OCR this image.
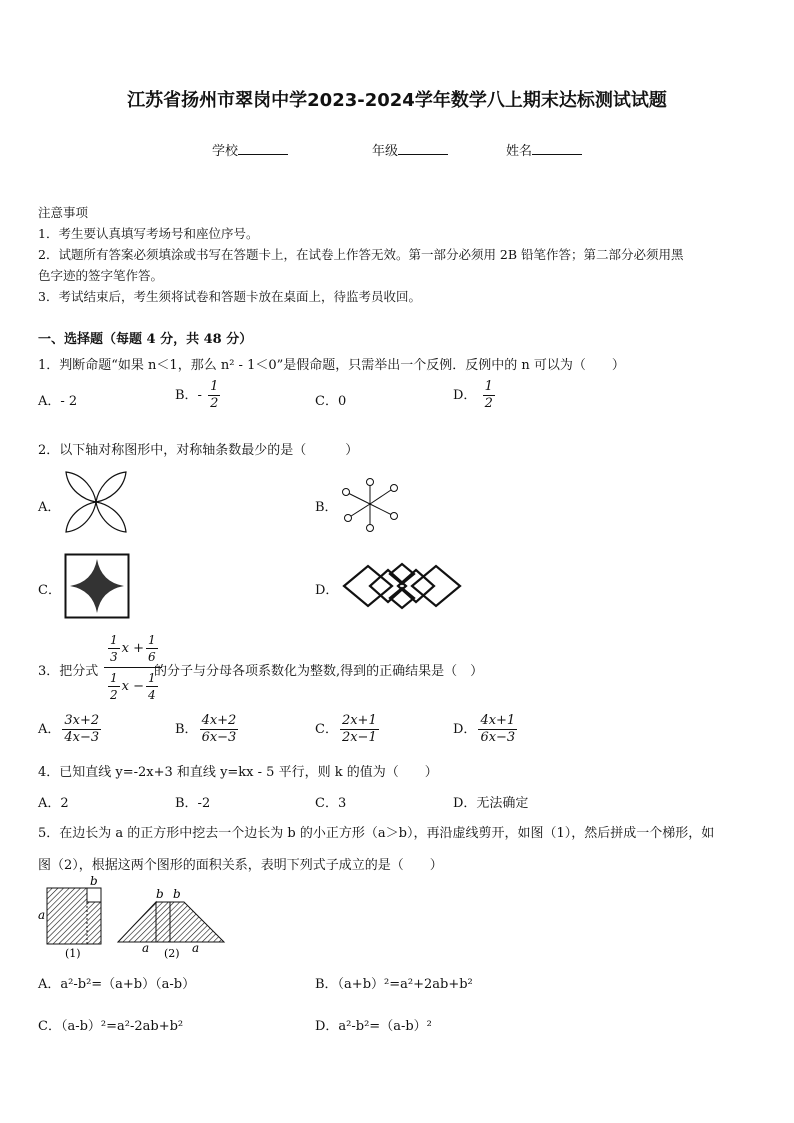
江苏省扬州市翠岗中学2023-2024学年数学八上期末达标测试试题
学校	年级	姓名
注意事项
1．考生要认真填写考场号和座位序号。
2．试题所有答案必须填涂或书写在答题卡上，在试卷上作答无效。第一部分必须用 2B 铅笔作答；第二部分必须用黑
色字迹的签字笔作答。
3．考试结束后，考生须将试卷和答题卡放在桌面上，待监考员收回。
一、选择题（每题 4 分，共 48 分）
1．判断命题“如果 n＜1，那么 n² - 1＜0”是假命题，只需举出一个反例．反例中的 n 可以为（　　）
A．- 2	B．- $\frac{1}{2}$	C．0	D． $\frac{1}{2}$
2．以下轴对称图形中，对称轴条数最少的是（　　　）
A．	B．
C．	D．
3．把分式 $\frac{\frac{1}{3} x + \frac{1}{6}}{\frac{1}{2} x - \frac{1}{4}}$
的分子与分母各项系数化为整数,得到的正确结果是（　）
A． $\frac{3x+2}{4x-3}$	B． $\frac{4x+2}{6x-3}$	C． $\frac{2x+1}{2x-1}$	D． $\frac{4x+1}{6x-3}$
4．已知直线 y=-2x+3 和直线 y=kx - 5 平行，则 k 的值为（　　）
A．2	B．-2	C．3	D．无法确定
5．在边长为 a 的正方形中挖去一个边长为 b 的小正方形（a＞b），再沿虚线剪开，如图（1），然后拼成一个梯形，如
图（2），根据这两个图形的面积关系，表明下列式子成立的是（　　）
a
b
(1)
b b
a (2) a
A．a²-b²=（a+b）（a-b）	B．（a+b）²=a²+2ab+b²
C．（a-b）²=a²-2ab+b²	D．a²-b²=（a-b）²
